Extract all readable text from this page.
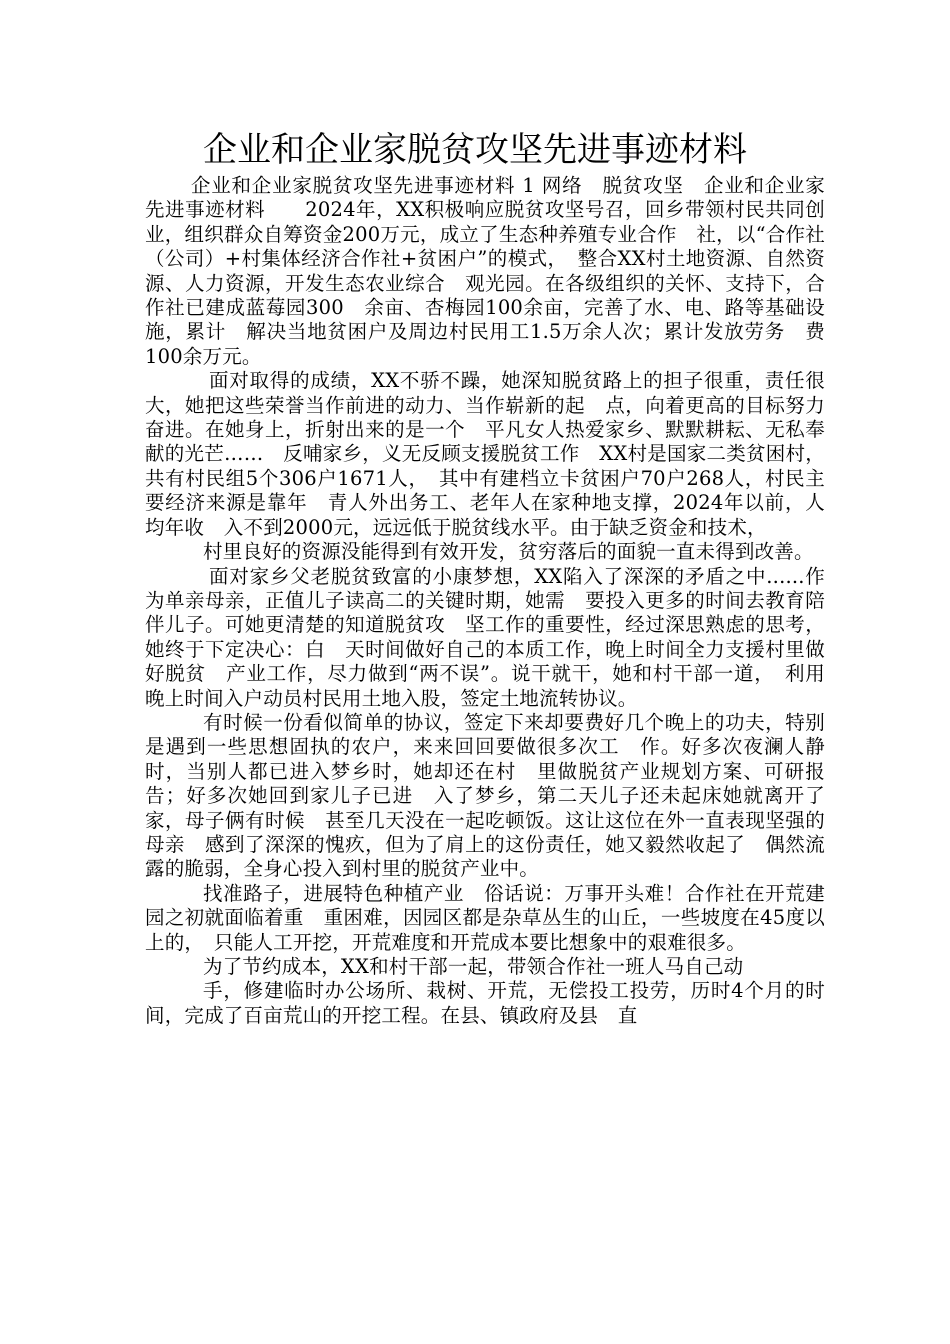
企业和企业家脱贫攻坚先进事迹材料

企业和企业家脱贫攻坚先进事迹材料 1 网络　脱贫攻坚　企业和企业家　先进事迹材料　　2024年，XX积极响应脱贫攻坚号召，回乡带领村民共同创　业，组织群众自筹资金200万元，成立了生态种养殖专业合作　社，以“合作社（公司）+村集体经济合作社+贫困户”的模式，　整合XX村土地资源、自然资源、人力资源，开发生态农业综合　观光园。在各级组织的关怀、支持下，合作社已建成蓝莓园300　余亩、杏梅园100余亩，完善了水、电、路等基础设施，累计　解决当地贫困户及周边村民用工1.5万余人次；累计发放劳务　费100余万元。

面对取得的成绩，XX不骄不躁，她深知脱贫路上的担子很重，责任很大，她把这些荣誉当作前进的动力、当作崭新的起　点，向着更高的目标努力奋进。在她身上，折射出来的是一个　平凡女人热爱家乡、默默耕耘、无私奉献的光芒……　反哺家乡，义无反顾支援脱贫工作　XX村是国家二类贫困村，共有村民组5个306户1671人，　其中有建档立卡贫困户70户268人，村民主要经济来源是靠年　青人外出务工、老年人在家种地支撑，2024年以前，人均年收　入不到2000元，远远低于脱贫线水平。由于缺乏资金和技术，

村里良好的资源没能得到有效开发，贫穷落后的面貌一直未得到改善。

面对家乡父老脱贫致富的小康梦想，XX陷入了深深的矛盾之中......作为单亲母亲，正值儿子读高二的关键时期，她需　要投入更多的时间去教育陪伴儿子。可她更清楚的知道脱贫攻　坚工作的重要性，经过深思熟虑的思考，她终于下定决心：白　天时间做好自己的本质工作，晚上时间全力支援村里做好脱贫　产业工作，尽力做到“两不误”。说干就干，她和村干部一道，　利用晚上时间入户动员村民用土地入股，签定土地流转协议。

有时候一份看似简单的协议，签定下来却要费好几个晚上的功夫，特别是遇到一些思想固执的农户，来来回回要做很多次工　作。好多次夜澜人静时，当别人都已进入梦乡时，她却还在村　里做脱贫产业规划方案、可研报告；好多次她回到家儿子已进　入了梦乡，第二天儿子还未起床她就离开了家，母子俩有时候　甚至几天没在一起吃顿饭。这让这位在外一直表现坚强的母亲　感到了深深的愧疚，但为了肩上的这份责任，她又毅然收起了　偶然流露的脆弱，全身心投入到村里的脱贫产业中。

找准路子，进展特色种植产业　俗话说：万事开头难！合作社在开荒建园之初就面临着重　重困难，因园区都是杂草丛生的山丘，一些坡度在45度以上的，　只能人工开挖，开荒难度和开荒成本要比想象中的艰难很多。

为了节约成本，XX和村干部一起，带领合作社一班人马自己动

手，修建临时办公场所、栽树、开荒，无偿投工投劳，历时4个月的时间，完成了百亩荒山的开挖工程。在县、镇政府及县　直
